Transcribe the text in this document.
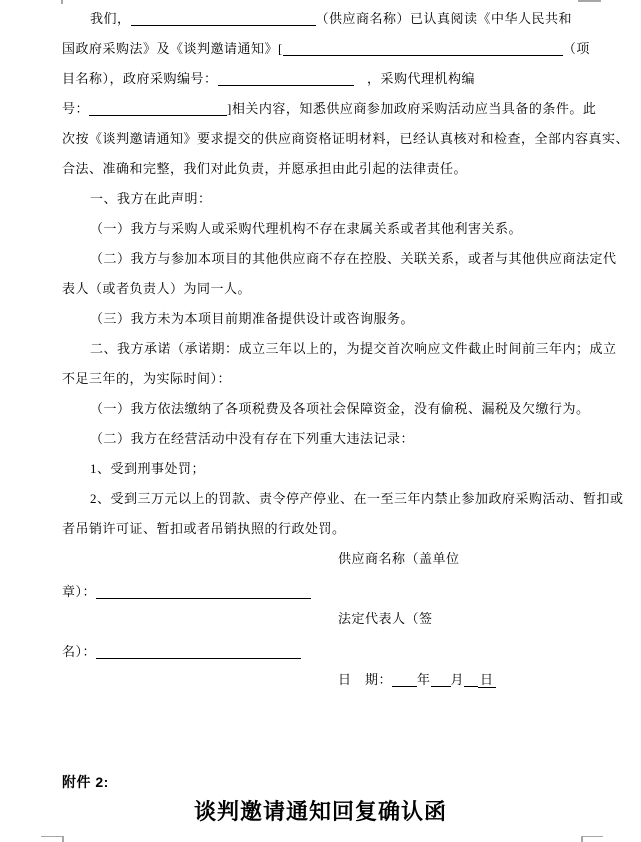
我们，	（供应商名称）已认真阅读《中华人民共和
国政府采购法》及《谈判邀请通知》[	（项
目名称），政府采购编号：	　，采购代理机构编
号：	]相关内容，知悉供应商参加政府采购活动应当具备的条件。此
次按《谈判邀请通知》要求提交的供应商资格证明材料，已经认真核对和检查，全部内容真实、
合法、准确和完整，我们对此负责，并愿承担由此引起的法律责任。
一、我方在此声明：
（一）我方与采购人或采购代理机构不存在隶属关系或者其他利害关系。
（二）我方与参加本项目的其他供应商不存在控股、关联关系，或者与其他供应商法定代
表人（或者负责人）为同一人。
（三）我方未为本项目前期准备提供设计或咨询服务。
二、我方承诺（承诺期：成立三年以上的，为提交首次响应文件截止时间前三年内；成立
不足三年的，为实际时间）：
（一）我方依法缴纳了各项税费及各项社会保障资金，没有偷税、漏税及欠缴行为。
（二）我方在经营活动中没有存在下列重大违法记录：
1、受到刑事处罚；
2、受到三万元以上的罚款、责令停产停业、在一至三年内禁止参加政府采购活动、暂扣或
者吊销许可证、暂扣或者吊销执照的行政处罚。
供应商名称（盖单位
章）：
法定代表人（签
名）：
日　期： 年 月 日
附件 2:
谈判邀请通知回复确认函
